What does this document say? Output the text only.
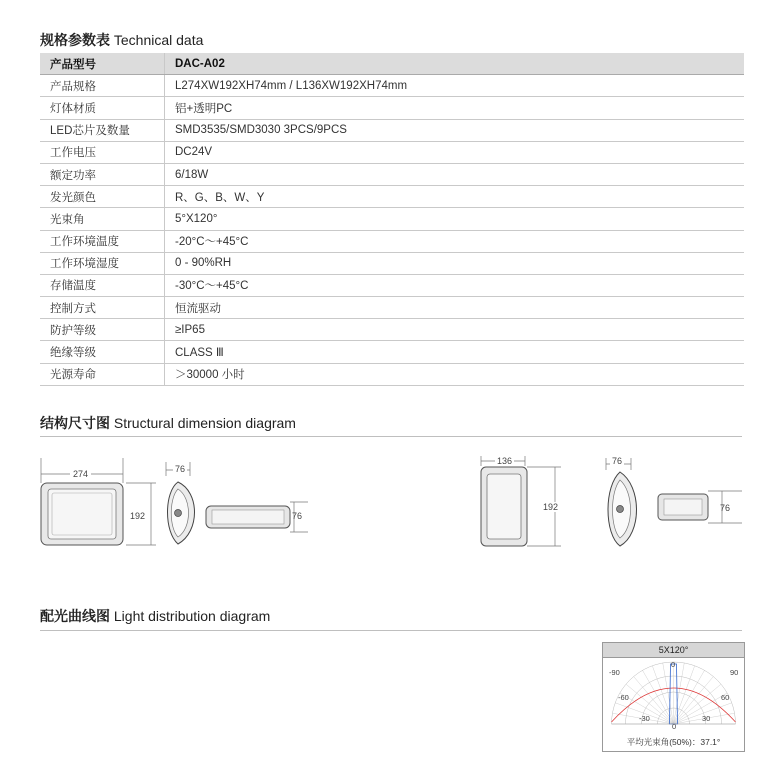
规格参数表 Technical data
产品型号	DAC-A02
产品规格	L274XW192XH74mm / L136XW192XH74mm
灯体材质	铝+透明PC
LED芯片及数量	SMD3535/SMD3030 3PCS/9PCS
工作电压	DC24V
额定功率	6/18W
发光颜色	R、G、B、W、Y
光束角	5°X120°
工作环境温度	-20°C～+45°C
工作环境湿度	0 - 90%RH
存储温度	-30°C～+45°C
控制方式	恒流驱动
防护等级	≥IP65
绝缘等级	CLASS Ⅲ
光源寿命	＞30000 小时
结构尺寸图 Structural dimension diagram
274
192
76
76
136
192
76
76
配光曲线图 Light distribution diagram
5X120°
0
-90	90
-60	60
-30	30
0
平均光束角(50%)：37.1°
